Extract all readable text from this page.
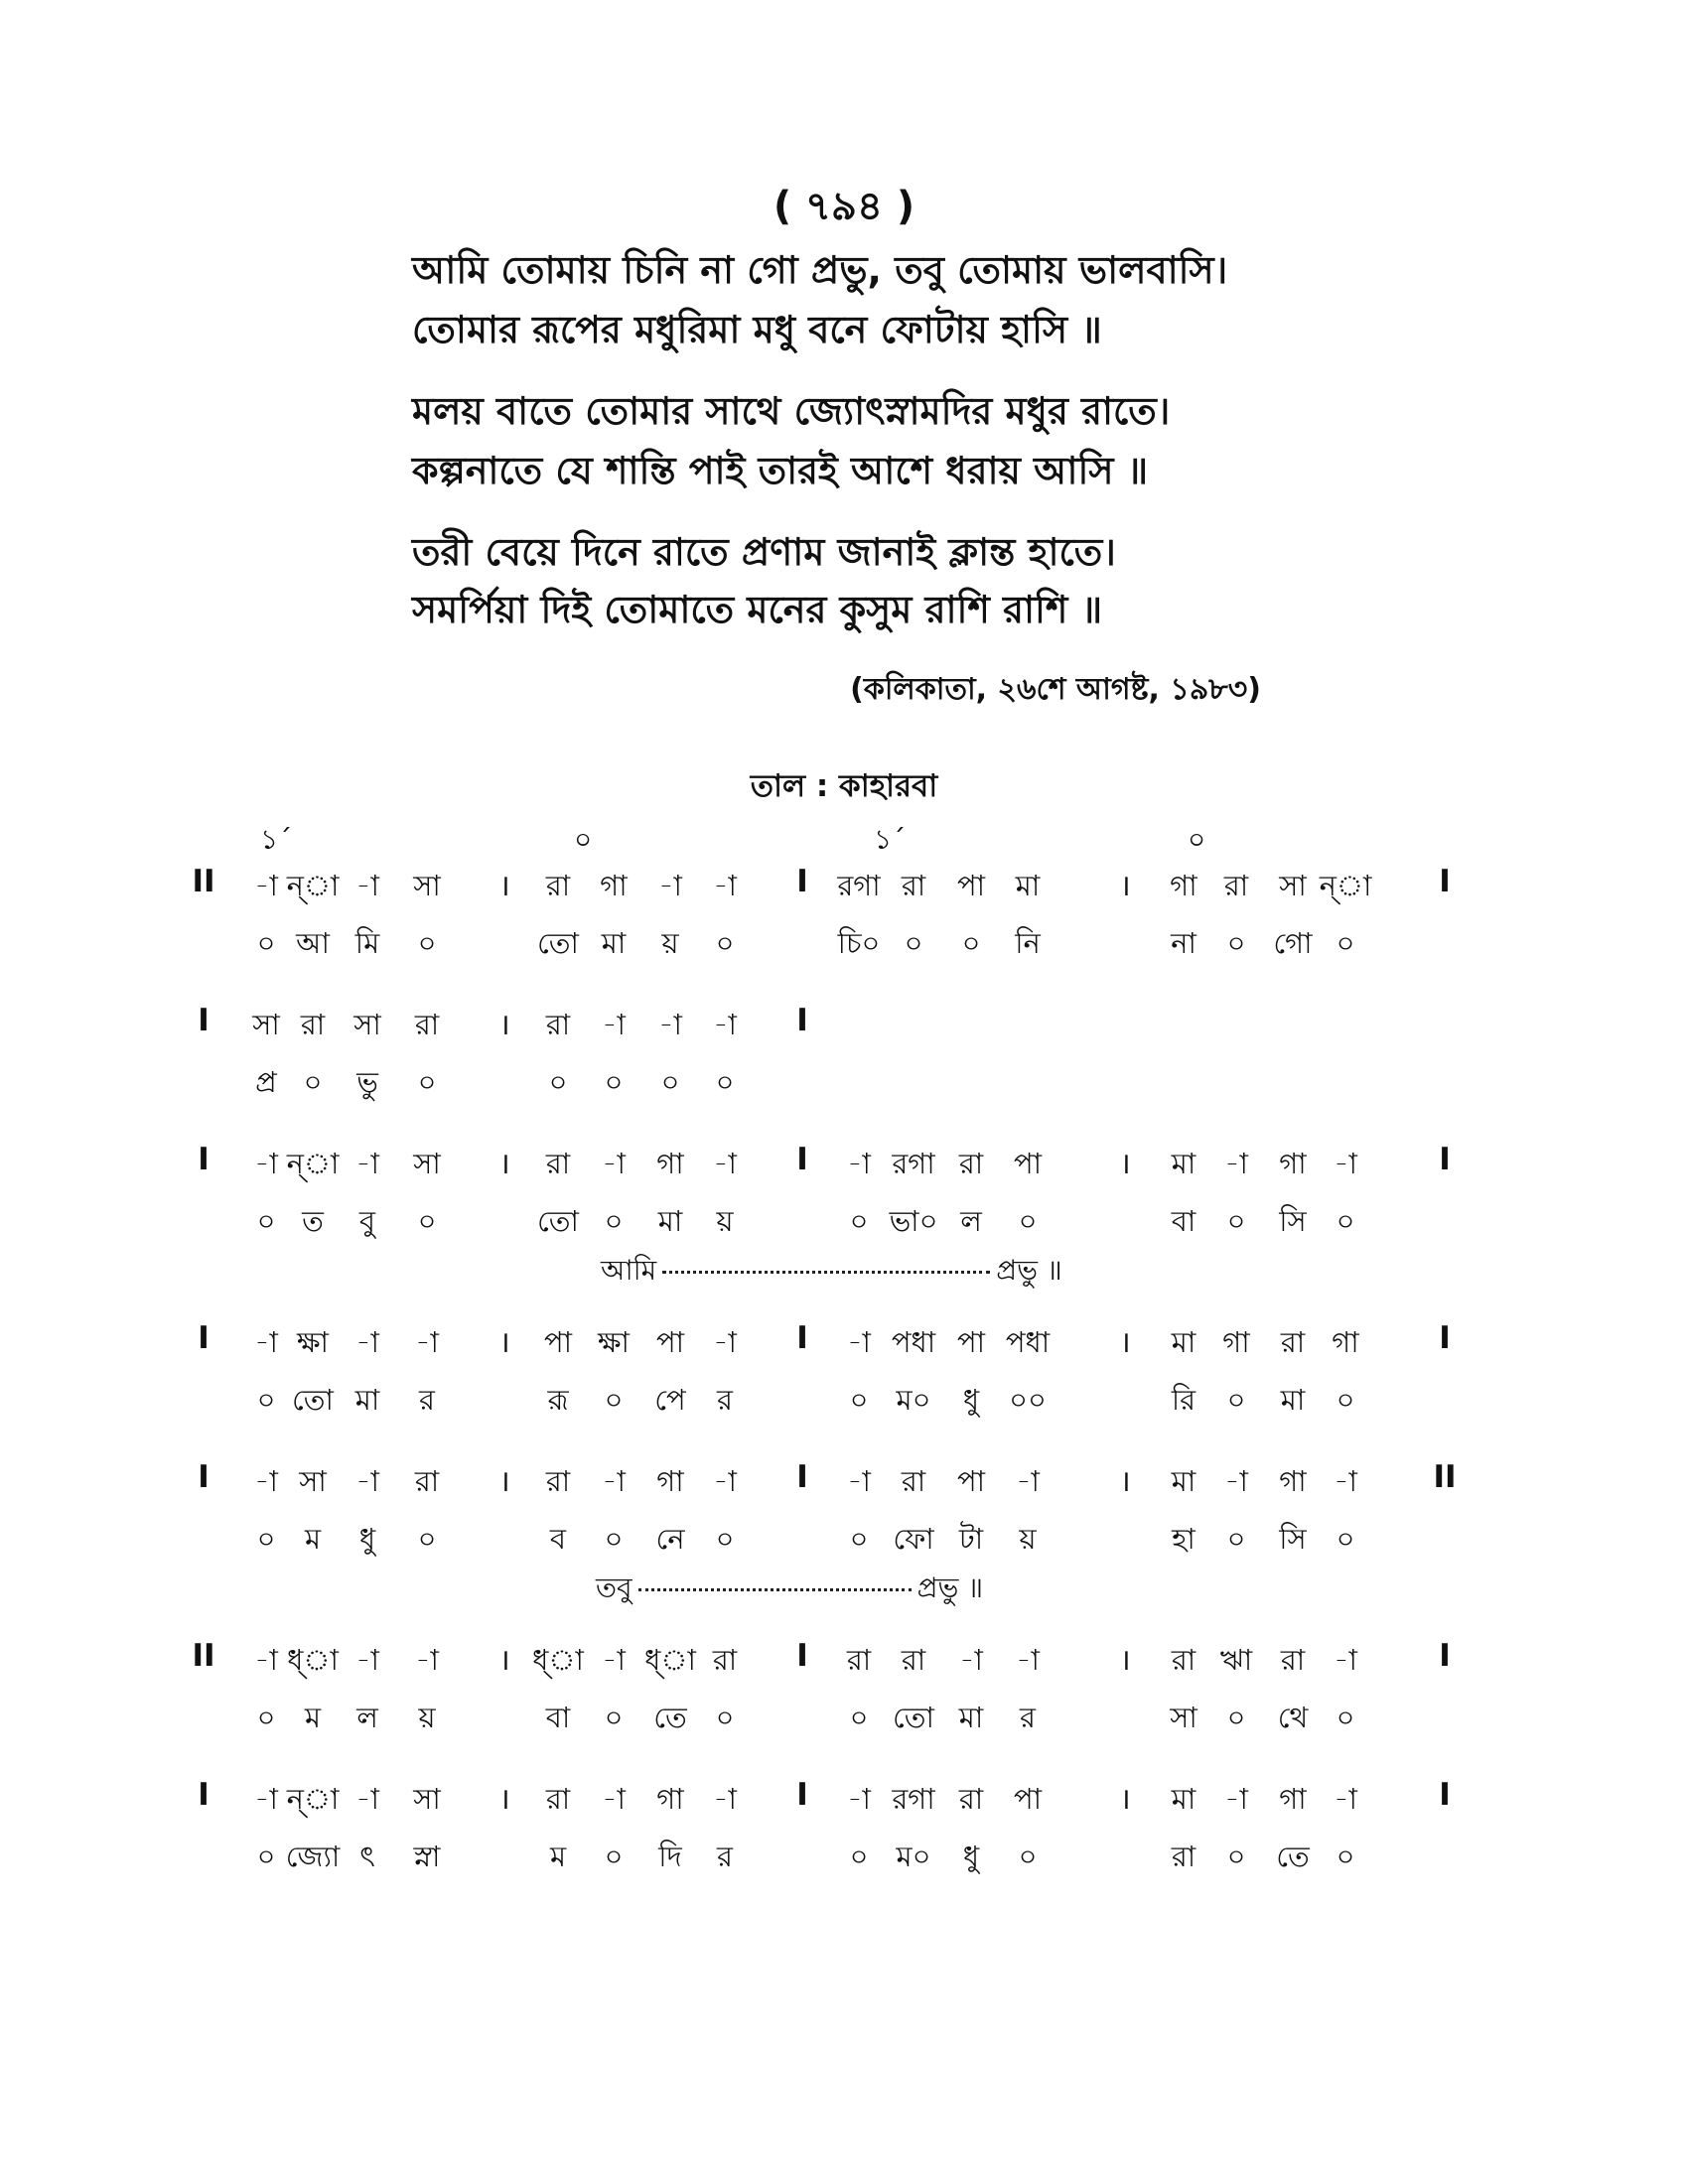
( ৭৯৪ )
আমি তোমায় চিনি না গো প্রভু, তবু তোমায় ভালবাসি।
তোমার রূপের মধুরিমা মধু বনে ফোটায় হাসি ॥
মলয় বাতে তোমার সাথে জ্যোৎস্নামদির মধুর রাতে।
কল্পনাতে যে শান্তি পাই তারই আশে ধরায় আসি ॥
তরী বেয়ে দিনে রাতে প্রণাম জানাই ক্লান্ত হাতে।
সমর্পিয়া দিই তোমাতে মনের কুসুম রাশি রাশি ॥
(কলিকাতা, ২৬শে আগষ্ট, ১৯৮৩)
তাল : কাহারবা
১´	০	১´	০
II -া ন্া -া সা । রা গা -া -া I রগা রা পা মা	। গা রা সা ন্া I
০ আ মি ০	তো মা য় ০	চি০ ০ ০ নি	না ০ গো ০
I সা রা সা রা । রা -া -া -া I
প্র ০ ভু ০	০ ০ ০ ০
I -া ন্া -া সা । রা -া গা -া I -া রগা রা পা	। মা -া গা -া	I
০ ত বু ০	তো ০ মা য়	০ ভা০ ল ০	বা ০ সি ০
I -া ক্ষা -া -া । পা ক্ষা পা -া I -া পধা পা পধা । মা গা রা গা	I
০ তো মা র	রূ ০ পে র	০ ম০ ধু ০০	রি ০ মা ০
I -া সা -া রা । রা -া গা -া I -া রা পা -া	। মা -া গা -া II
০ ম ধু ০	ব ০ নে ০	০ ফো টা য়	হা ০ সি ০
II -া ধ্া -া -া । ধ্া -া ধ্া রা I রা রা -া -া	। রা ঋা রা -া	I
০ ম ল য়	বা ০ তে ০	০ তো মা র	সা ০ থে ০
I -া ন্া -া সা । রা -া গা -া I -া রগা রা পা	। মা -া গা -া	I
০ জ্যো ৎ স্না	ম ০ দি র	০ ম০ ধু ০	রা ০ তে ০
আমি	প্রভু ॥
তবু	প্রভু ॥
